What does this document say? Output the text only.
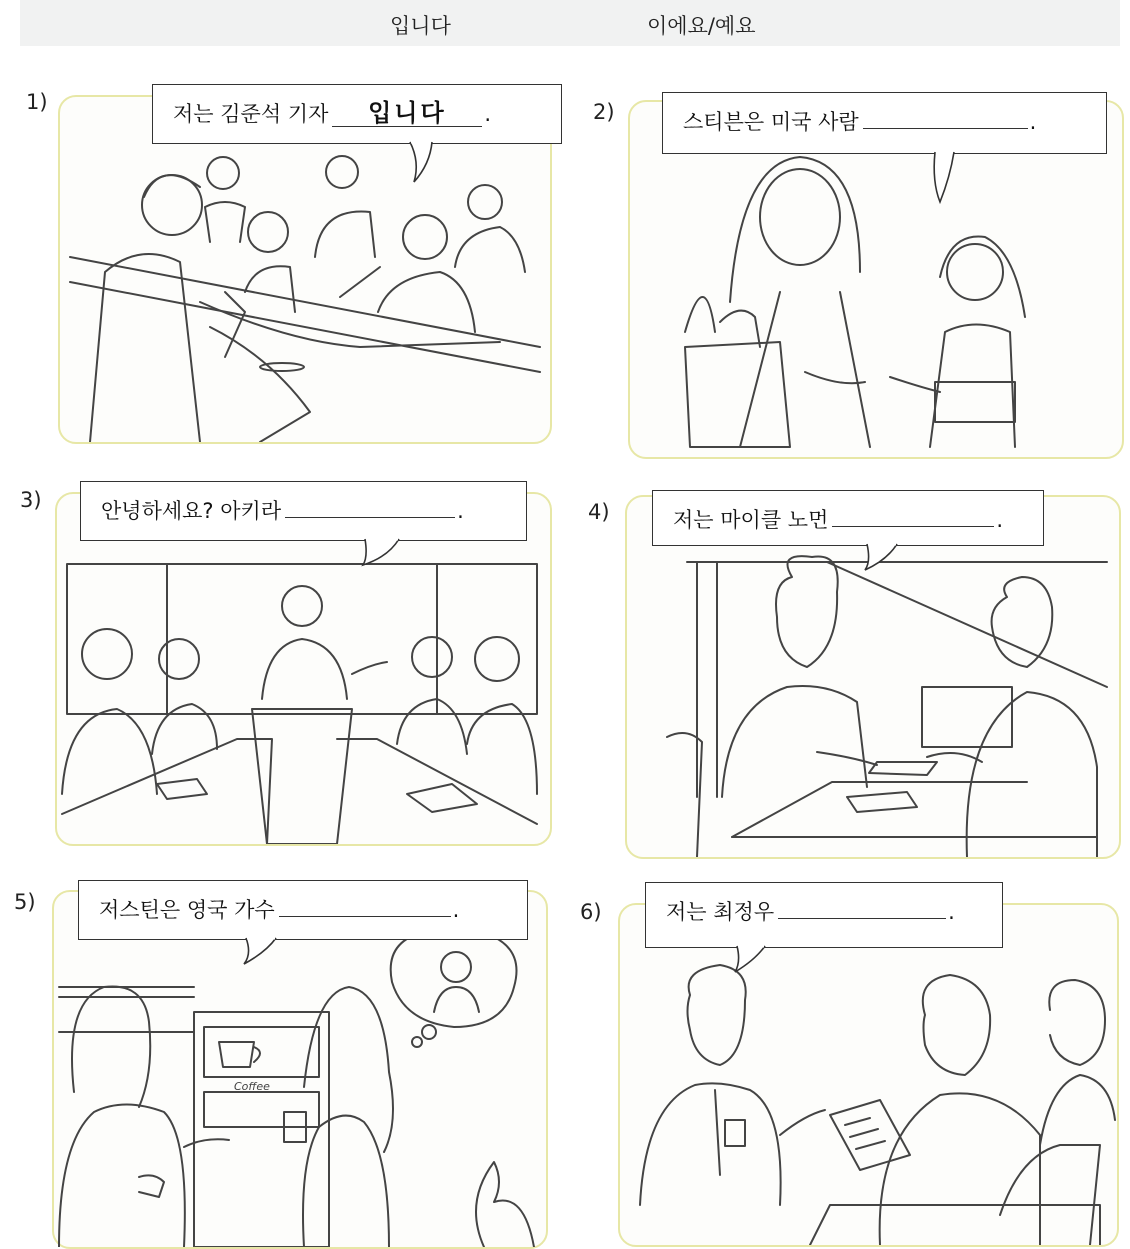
입니다	이에요/예요
1)	저는 김준석 기자 입니다 .	2)	스티븐은 미국 사람	.
3)	안녕하세요? 아키라	.	4)	저는 마이클 노먼	.
5)
Coffee
저스틴은 영국 가수	.	6)	저는 최정우	.
